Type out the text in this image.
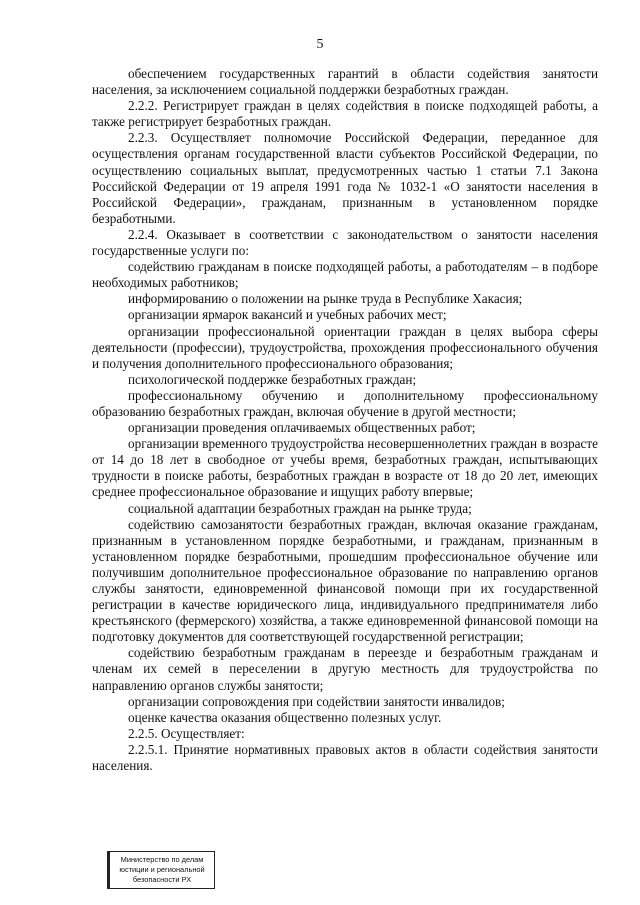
5

обеспечением государственных гарантий в области содействия занятости населения, за исключением социальной поддержки безработных граждан.

2.2.2. Регистрирует граждан в целях содействия в поиске подходящей работы, а также регистрирует безработных граждан.

2.2.3. Осуществляет полномочие Российской Федерации, переданное для осуществления органам государственной власти субъектов Российской Федерации, по осуществлению социальных выплат, предусмотренных частью 1 статьи 7.1 Закона Российской Федерации от 19 апреля 1991 года № 1032-1 «О занятости населения в Российской Федерации», гражданам, признанным в установленном порядке безработными.

2.2.4. Оказывает в соответствии с законодательством о занятости населения государственные услуги по:

содействию гражданам в поиске подходящей работы, а работодателям – в подборе необходимых работников;

информированию о положении на рынке труда в Республике Хакасия;

организации ярмарок вакансий и учебных рабочих мест;

организации профессиональной ориентации граждан в целях выбора сферы деятельности (профессии), трудоустройства, прохождения профессионального обучения и получения дополнительного профессионального образования;

психологической поддержке безработных граждан;

профессиональному обучению и дополнительному профессиональному образованию безработных граждан, включая обучение в другой местности;

организации проведения оплачиваемых общественных работ;

организации временного трудоустройства несовершеннолетних граждан в возрасте от 14 до 18 лет в свободное от учебы время, безработных граждан, испытывающих трудности в поиске работы, безработных граждан в возрасте от 18 до 20 лет, имеющих среднее профессиональное образование и ищущих работу впервые;

социальной адаптации безработных граждан на рынке труда;

содействию самозанятости безработных граждан, включая оказание гражданам, признанным в установленном порядке безработными, и гражданам, признанным в установленном порядке безработными, прошедшим профессиональное обучение или получившим дополнительное профессиональное образование по направлению органов службы занятости, единовременной финансовой помощи при их государственной регистрации в качестве юридического лица, индивидуального предпринимателя либо крестьянского (фермерского) хозяйства, а также единовременной финансовой помощи на подготовку документов для соответствующей государственной регистрации;

содействию безработным гражданам в переезде и безработным гражданам и членам их семей в переселении в другую местность для трудоустройства по направлению органов службы занятости;

организации сопровождения при содействии занятости инвалидов;

оценке качества оказания общественно полезных услуг.

2.2.5. Осуществляет:

2.2.5.1. Принятие нормативных правовых актов в области содействия занятости населения.

Министерство по делам
юстиции и региональной
безопасности РХ
